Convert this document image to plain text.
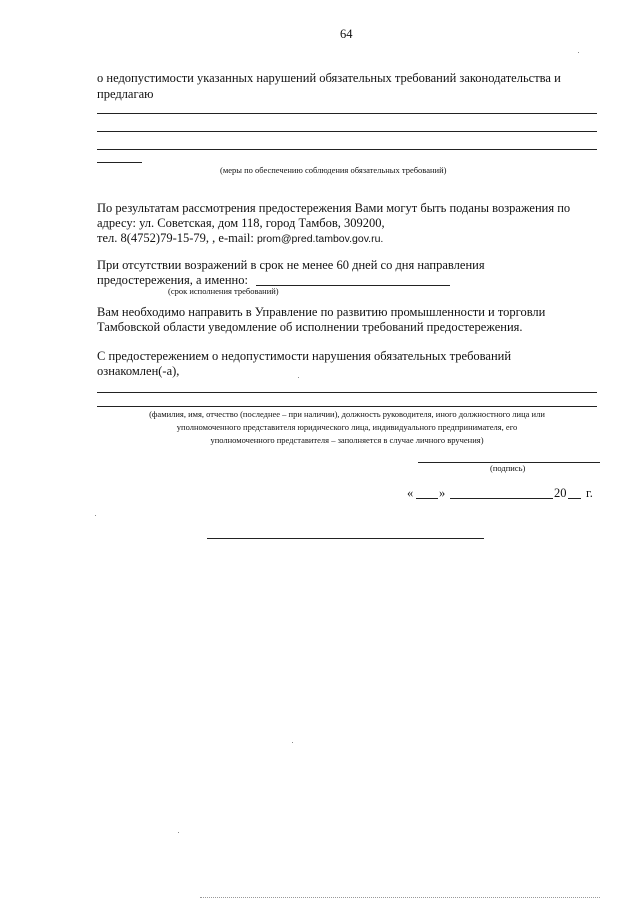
64
о недопустимости указанных нарушений обязательных требований законодательства и
предлагаю
(меры по обеспечению соблюдения обязательных требований)
По результатам рассмотрения предостережения Вами могут быть поданы возражения по
адресу: ул. Советская, дом 118, город Тамбов, 309200,
тел. 8(4752)79-15-79, , e-mail: prom@pred.tambov.gov.ru.
При отсутствии возражений в срок не менее 60 дней со дня направления
предостережения, а именно:
(срок исполнения требований)
Вам необходимо направить в Управление по развитию промышленности и торговли
Тамбовской области уведомление об исполнении требований предостережения.
С предостережением о недопустимости нарушения обязательных требований
ознакомлен(-а),
(фамилия, имя, отчество (последнее – при наличии), должность руководителя, иного должностного лица или
уполномоченного представителя юридического лица, индивидуального предпринимателя, его
уполномоченного представителя – заполняется в случае личного вручения)
(подпись)
« »	20 г.
